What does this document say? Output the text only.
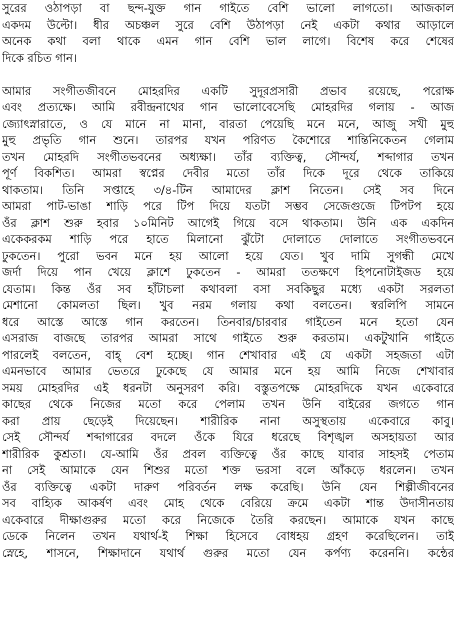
সুরের ওঠাপড়া বা ছন্দ-যুক্ত গান গাইতে বেশি ভালো লাগতো। আজকাল
একদম উল্টো। ধীর অচঞ্চল সুরে বেশি উঠাপড়া নেই একটা কথার আড়ালে
অনেক কথা বলা থাকে এমন গান বেশি ভাল লাগে। বিশেষ করে শেষের
দিকে রচিত গান।
আমার সংগীতজীবনে মোহরদির একটি সুদূরপ্রসারী প্রভাব রয়েছে, পরোক্ষ
এবং প্রত্যক্ষে। আমি রবীন্দ্রনাথের গান ভালোবেসেছি মোহরদির গলায় - আজ
জ্যোৎস্নারাতে, ও যে মানে না মানা, বারতা পেয়েছি মনে মনে, আজু সখী মুহু
মুহু প্রভৃতি গান শুনে। তারপর যখন পরিণত কৈশোরে শান্তিনিকেতন গেলাম
তখন মোহরদি সংগীতভবনের অধ্যক্ষা। তাঁর ব্যক্তিত্ব, সৌন্দর্য, শব্দাগার তখন
পূর্ণ বিকশিত। আমরা স্বপ্নের দেবীর মতো তাঁর দিকে দূরে থেকে তাকিয়ে
থাকতাম। তিনি সপ্তাহে ৩/৪-টিন আমাদের ক্লাশ নিতেন। সেই সব দিনে
আমরা পাট-ভাঙা শাড়ি পরে টিপ দিয়ে যতটা সম্ভব সেজেগুজে টিপটপ হয়ে
ওঁর ক্লাশ শুরু হবার ১০মিনিট আগেই গিয়ে বসে থাকতাম। উনি এক একদিন
একেকরকম শাড়ি পরে হাতে মিলানো ঝুঁটো দোলাতে দোলাতে সংগীতভবনে
ঢুকতেন। পুরো ভবন মনে হয় আলো হয়ে যেত। খুব দামি সুগন্ধী মেখে
জর্দা দিয়ে পান খেয়ে ক্লাশে ঢুকতেন - আমরা ততক্ষণে হিপনোটাইজড হয়ে
যেতাম। কিন্ত ওঁর সব হাঁটাচলা কথাবলা বসা সবকিছুর মধ্যে একটা সরলতা
মেশানো কোমলতা ছিল। খুব নরম গলায় কথা বলতেন। স্বরলিপি সামনে
ধরে আস্তে আস্তে গান করতেন। তিনবার/চারবার গাইতেন মনে হতো যেন
এসরাজ বাজছে তারপর আমরা সাথে গাইতে শুরু করতাম। একটুখানি গাইতে
পারলেই বলতেন, বাহ্ বেশ হচ্ছে। গান শেখাবার এই যে একটা সহজতা এটা
এমনভাবে আমার ভেতরে ঢুকেছে যে আমার মনে হয় আমি নিজে শেখাবার
সময় মোহরদির এই ধরনটা অনুসরণ করি। বস্তুতপক্ষে মোহরদিকে যখন একেবারে
কাছের থেকে নিজের মতো করে পেলাম তখন উনি বাইরের জগতে গান
করা প্রায় ছেড়েই দিয়েছেন। শারীরিক নানা অসুস্থতায় একেবারে কাবু।
সেই সৌন্দর্য শব্দাগারের বদলে ওঁকে যিরে ধরেছে বিশৃঙ্খল অসহায়তা আর
শারীরিক কুশ্রতা। যে-আমি ওঁর প্রবল ব্যক্তিত্বে ওঁর কাছে যাবার সাহসই পেতাম
না সেই আমাকে যেন শিশুর মতো শক্ত ভরসা বলে আঁকড়ে ধরলেন। তখন
ওঁর ব্যক্তিত্বে একটা দারুণ পরিবর্তন লক্ষ করেছি। উনি যেন শিল্পীজীবনের
সব বাহ্যিক আকর্ষণ এবং মোহ থেকে বেরিয়ে ক্রমে একটা শান্ত উদাসীনতায়
একেবারে দীক্ষাগুরুর মতো করে নিজেকে তৈরি করছেন। আমাকে যখন কাছে
ডেকে নিলেন তখন যথার্থ-ই শিক্ষা হিসেবে বোধহয় গ্রহণ করেছিলেন। তাই
স্নেহে, শাসনে, শিক্ষাদানে যথার্থ গুরুর মতো যেন কর্পণ্য করেননি। কন্ঠের
